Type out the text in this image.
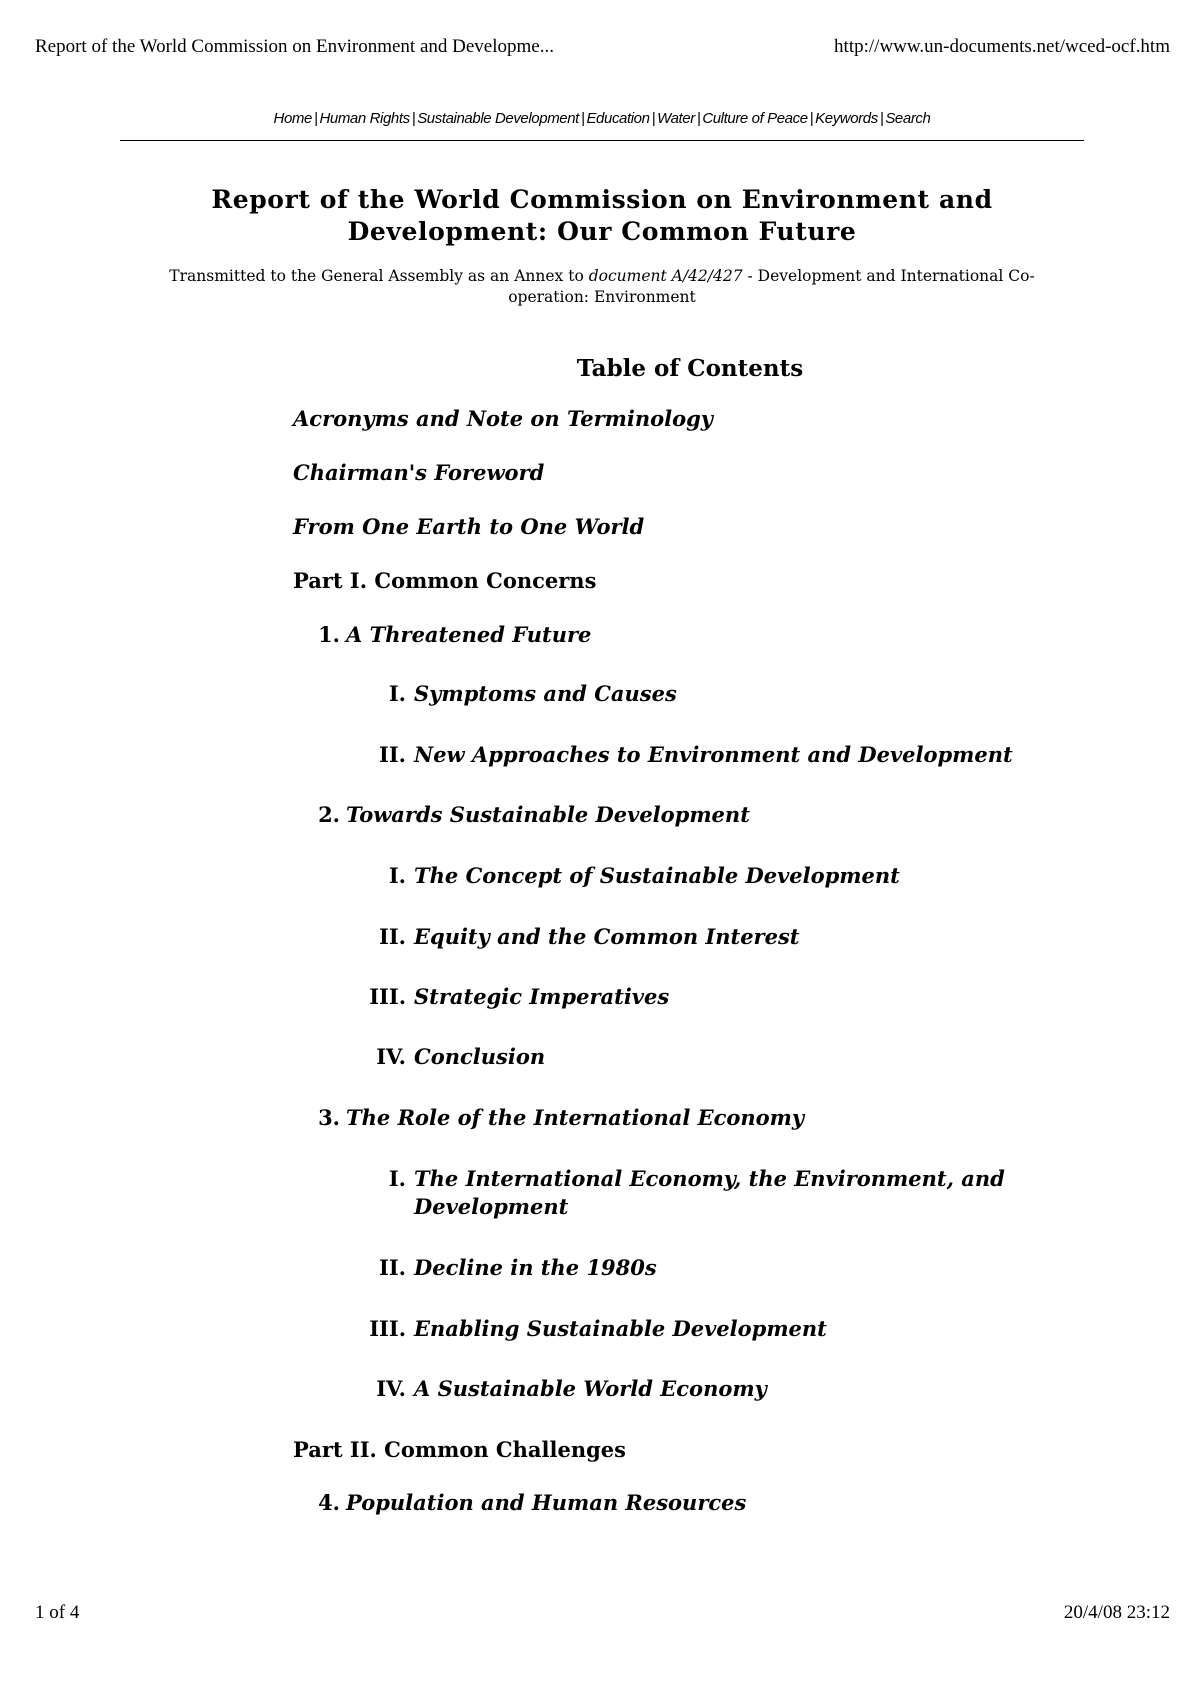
Report of the World Commission on Environment and Developme...	http://www.un-documents.net/wced-ocf.htm
Home | Human Rights | Sustainable Development | Education | Water | Culture of Peace | Keywords | Search
Report of the World Commission on Environment and Development: Our Common Future

Transmitted to the General Assembly as an Annex to document A/42/427 - Development and International Co-operation: Environment

Table of Contents
Acronyms and Note on Terminology
Chairman's Foreword
From One Earth to One World
Part I. Common Concerns
1. A Threatened Future
I. Symptoms and Causes
II. New Approaches to Environment and Development
2. Towards Sustainable Development
I. The Concept of Sustainable Development
II. Equity and the Common Interest
III. Strategic Imperatives
IV. Conclusion
3. The Role of the International Economy
I. The International Economy, the Environment, and Development
II. Decline in the 1980s
III. Enabling Sustainable Development
IV. A Sustainable World Economy
Part II. Common Challenges
4. Population and Human Resources
1 of 4	20/4/08 23:12
